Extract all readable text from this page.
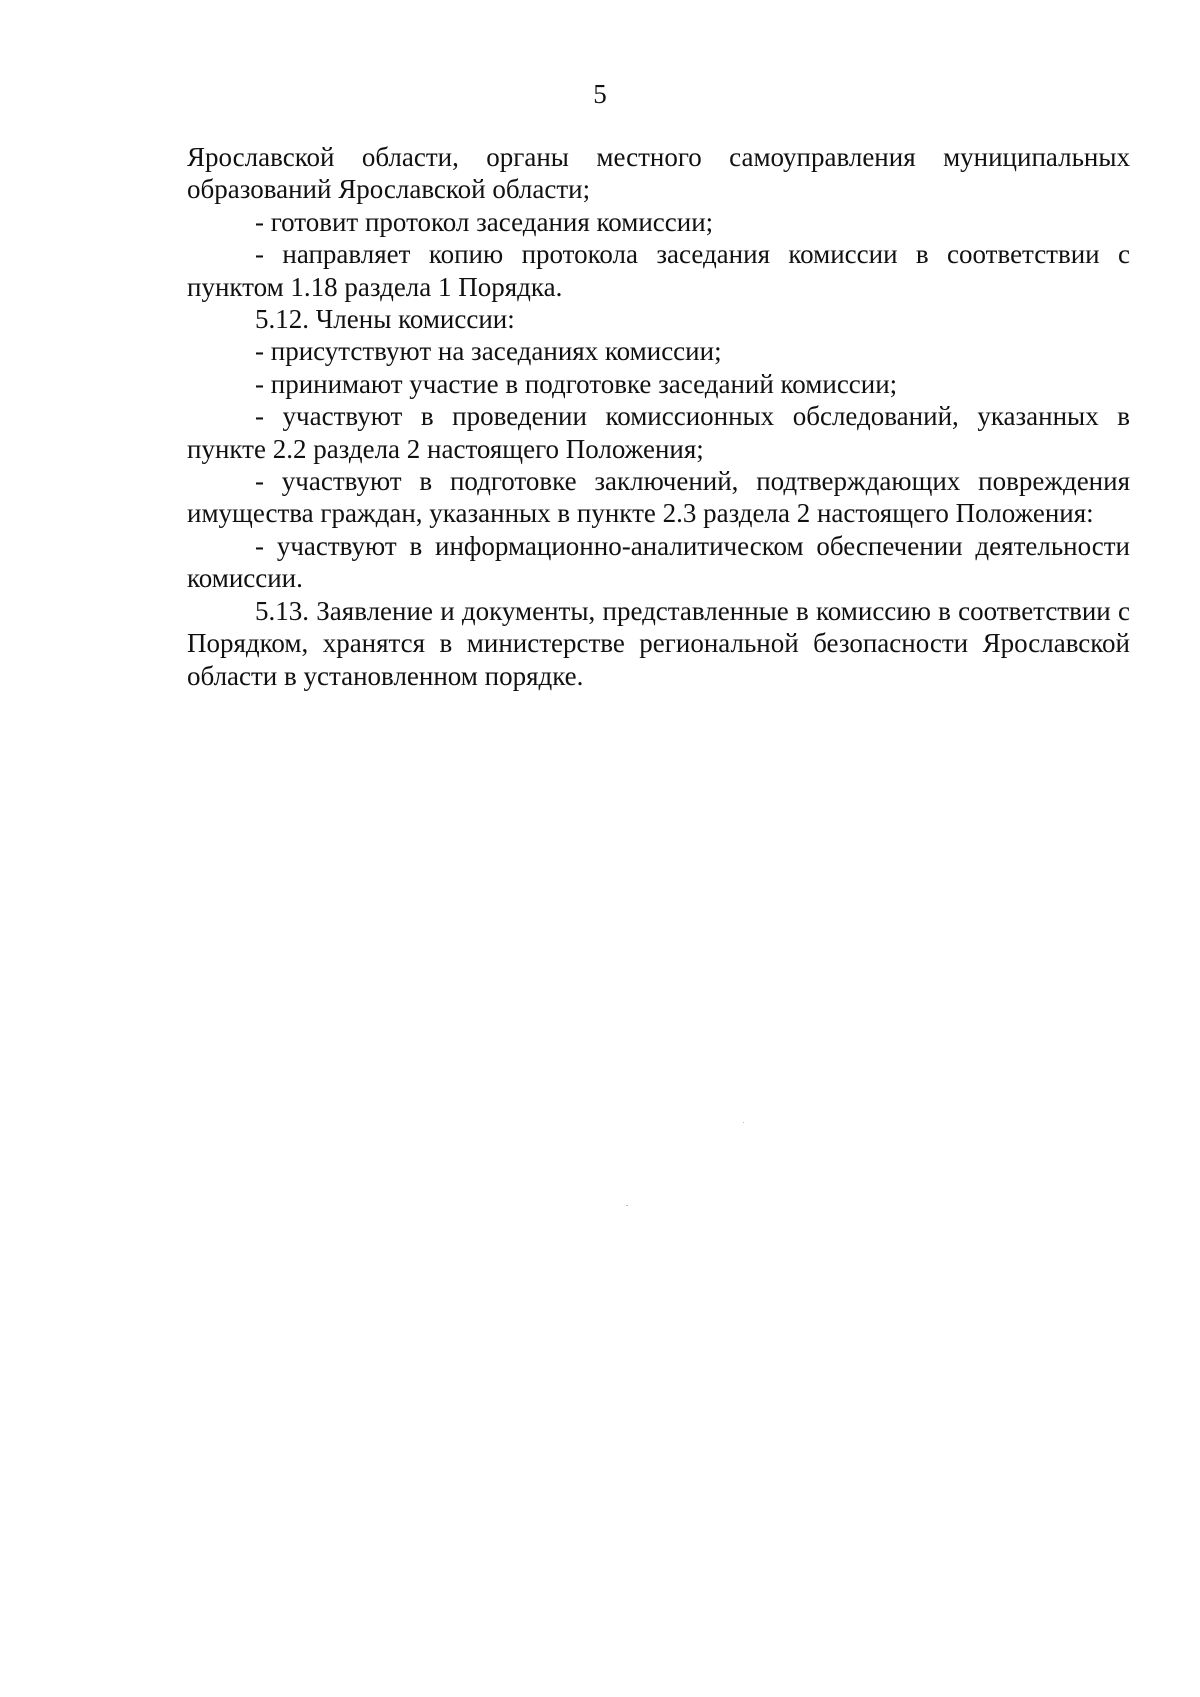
5

Ярославской области, органы местного самоуправления муниципальных образований Ярославской области;

- готовит протокол заседания комиссии;

- направляет копию протокола заседания комиссии в соответствии с пунктом 1.18 раздела 1 Порядка.

5.12. Члены комиссии:

- присутствуют на заседаниях комиссии;

- принимают участие в подготовке заседаний комиссии;

- участвуют в проведении комиссионных обследований, указанных в пункте 2.2 раздела 2 настоящего Положения;

- участвуют в подготовке заключений, подтверждающих повреждения имущества граждан, указанных в пункте 2.3 раздела 2 настоящего Положения:

- участвуют в информационно-аналитическом обеспечении деятельности комиссии.

5.13. Заявление и документы, представленные в комиссию в соответствии с Порядком, хранятся в министерстве региональной безопасности Ярославской области в установленном порядке.
